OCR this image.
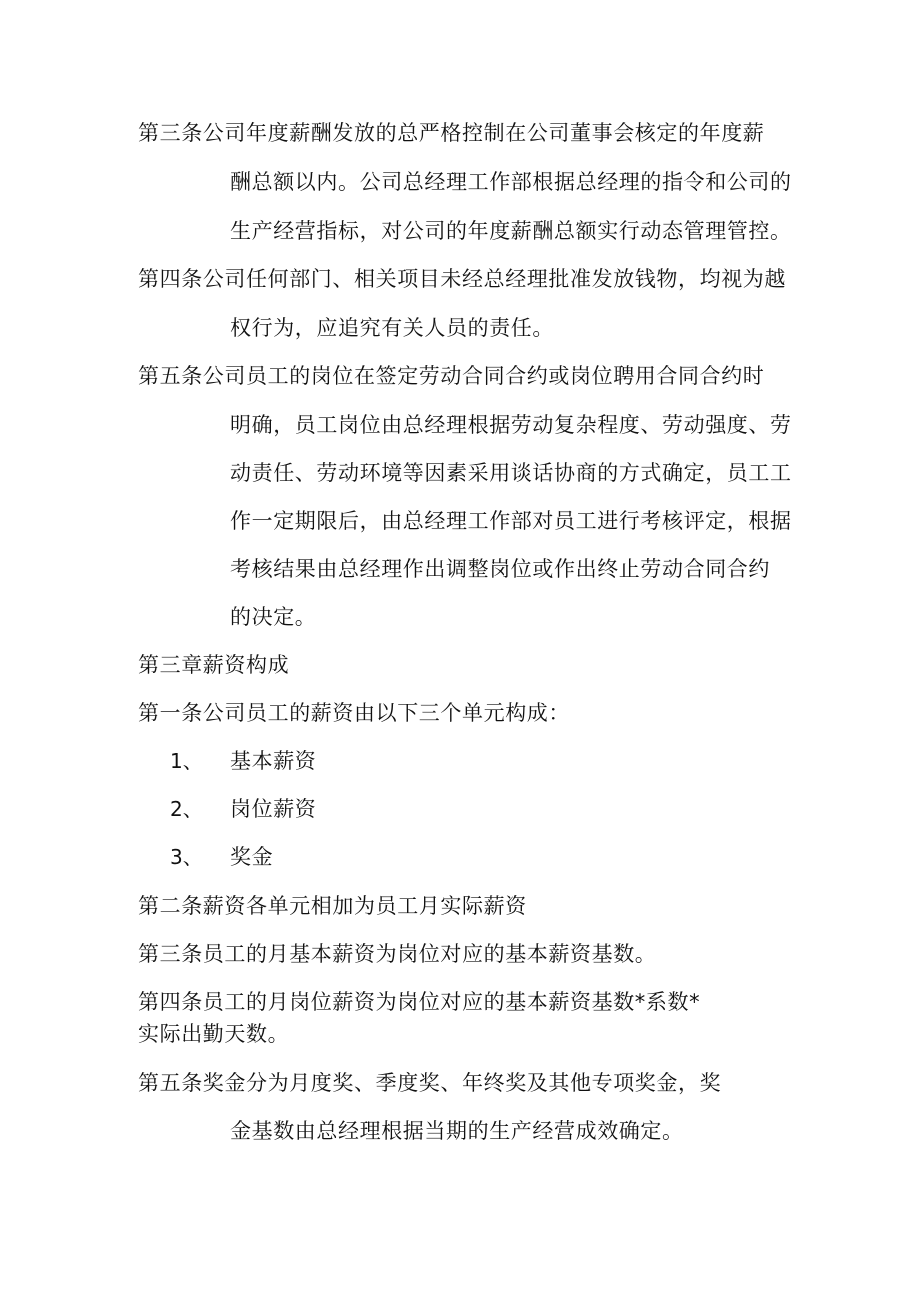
第三条公司年度薪酬发放的总严格控制在公司董事会核定的年度薪
酬总额以内。公司总经理工作部根据总经理的指令和公司的
生产经营指标，对公司的年度薪酬总额实行动态管理管控。
第四条公司任何部门、相关项目未经总经理批准发放钱物，均视为越
权行为，应追究有关人员的责任。
第五条公司员工的岗位在签定劳动合同合约或岗位聘用合同合约时
明确，员工岗位由总经理根据劳动复杂程度、劳动强度、劳
动责任、劳动环境等因素采用谈话协商的方式确定，员工工
作一定期限后，由总经理工作部对员工进行考核评定，根据
考核结果由总经理作出调整岗位或作出终止劳动合同合约
的决定。
第三章薪资构成
第一条公司员工的薪资由以下三个单元构成：
1、 基本薪资
2、 岗位薪资
3、 奖金
第二条薪资各单元相加为员工月实际薪资
第三条员工的月基本薪资为岗位对应的基本薪资基数。
第四条员工的月岗位薪资为岗位对应的基本薪资基数*系数*
实际出勤天数。
第五条奖金分为月度奖、季度奖、年终奖及其他专项奖金，奖
金基数由总经理根据当期的生产经营成效确定。
